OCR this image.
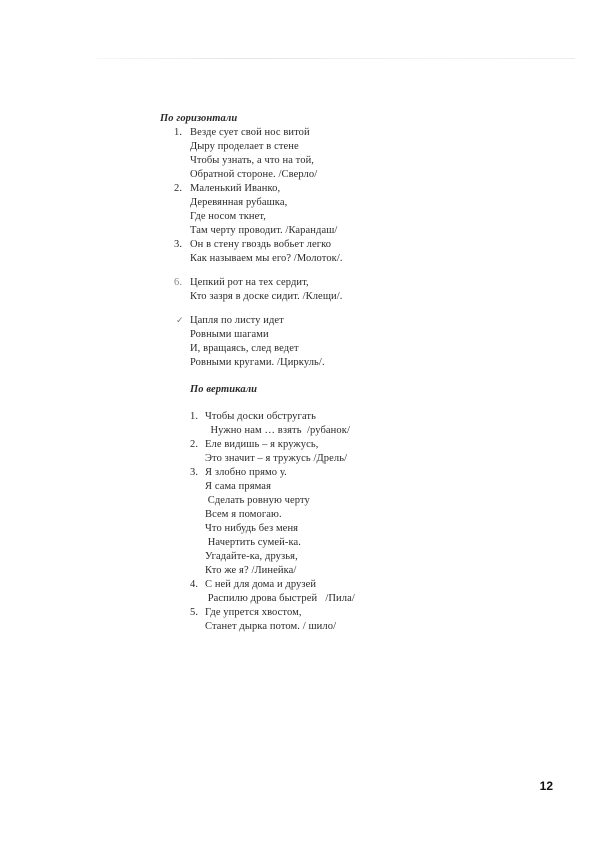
По горизонтали
1. Везде сует свой нос витой
Дыру проделает в стене
Чтобы узнать, а что на той,
Обратной стороне. /Сверло/
2. Маленький Иванко,
Деревянная рубашка,
Где носом ткнет,
Там черту проводит. /Карандаш/
3. Он в стену гвоздь вобьет легко
Как называем мы его? /Молоток/.
6. Цепкий рот на тех сердит,
Кто зазря в доске сидит. /Клещи/.
✓ Цапля по листу идет
Ровными шагами
И, вращаясь, след ведет
Ровными кругами. /Циркуль/.
По вертикали
1. Чтобы доски обстругать
Нужно нам … взять  /рубанок/
2. Еле видишь – я кружусь,
Это значит – я тружусь /Дрель/
3. Я злобно прямо у.
Я сама прямая
Сделать ровную черту
Всем я помогаю.
Что нибудь без меня
Начертить сумей-ка.
Угадайте-ка, друзья,
Кто же я? /Линейка/
4. С ней для дома и друзей
Распилю дрова быстрей   /Пила/
5. Где упрется хвостом,
Станет дырка потом. / шило/
12
